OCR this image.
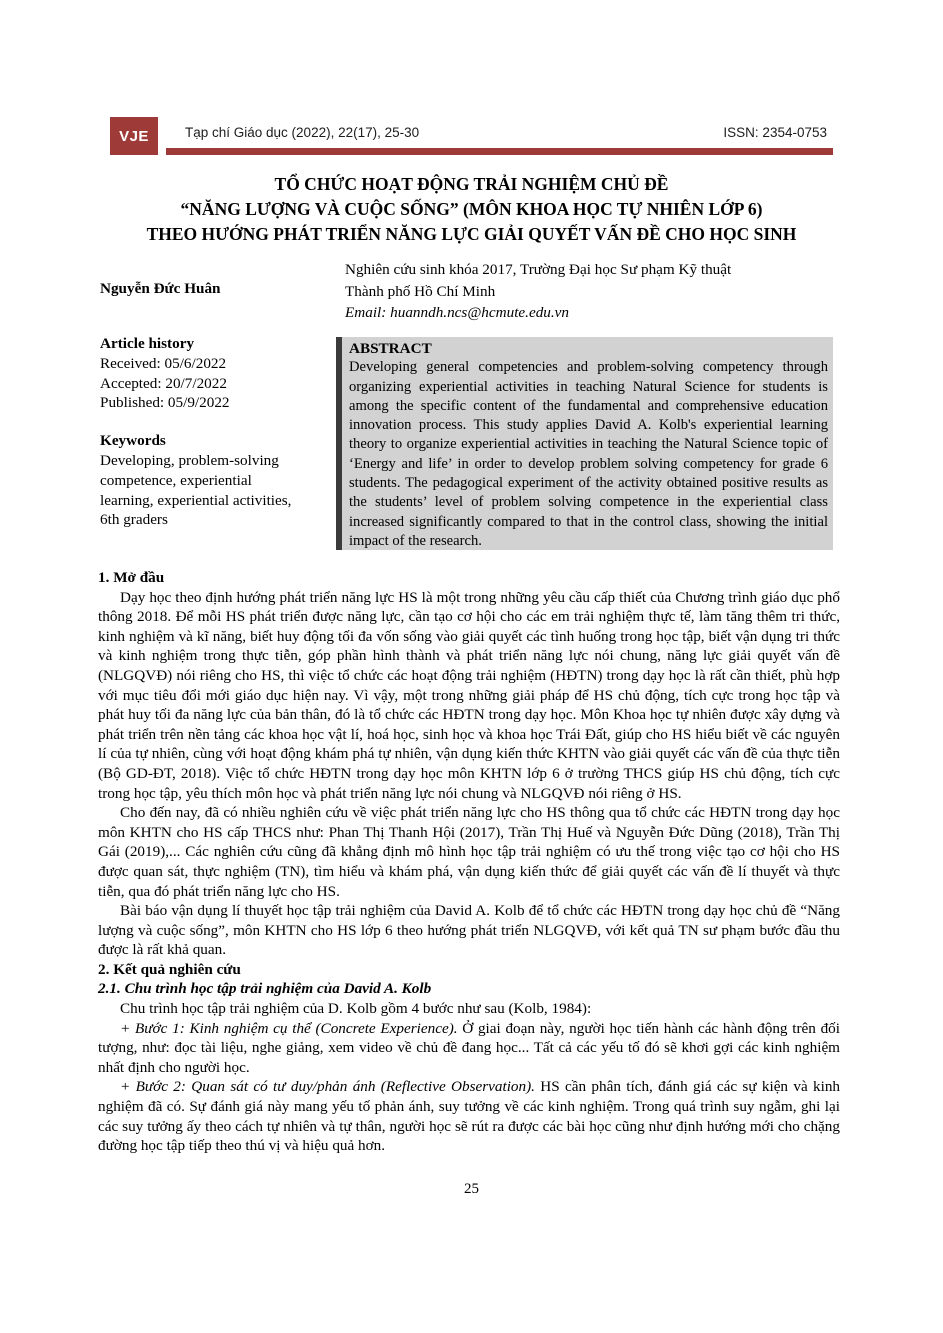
VJE	Tạp chí Giáo dục (2022), 22(17), 25-30	ISSN: 2354-0753
TỔ CHỨC HOẠT ĐỘNG TRẢI NGHIỆM CHỦ ĐỀ
“NĂNG LƯỢNG VÀ CUỘC SỐNG” (MÔN KHOA HỌC TỰ NHIÊN LỚP 6)
THEO HƯỚNG PHÁT TRIỂN NĂNG LỰC GIẢI QUYẾT VẤN ĐỀ CHO HỌC SINH
Nguyễn Đức Huân
Nghiên cứu sinh khóa 2017, Trường Đại học Sư phạm Kỹ thuật Thành phố Hồ Chí Minh
Email: huanndh.ncs@hcmute.edu.vn
Article history
Received: 05/6/2022
Accepted: 20/7/2022
Published: 05/9/2022
Keywords
Developing, problem-solving competence, experiential learning, experiential activities, 6th graders
ABSTRACT
Developing general competencies and problem-solving competency through organizing experiential activities in teaching Natural Science for students is among the specific content of the fundamental and comprehensive education innovation process. This study applies David A. Kolb's experiential learning theory to organize experiential activities in teaching the Natural Science topic of ‘Energy and life’ in order to develop problem solving competency for grade 6 students. The pedagogical experiment of the activity obtained positive results as the students’ level of problem solving competence in the experiential class increased significantly compared to that in the control class, showing the initial impact of the research.
1. Mở đầu

Dạy học theo định hướng phát triển năng lực HS là một trong những yêu cầu cấp thiết của Chương trình giáo dục phổ thông 2018. Để mỗi HS phát triển được năng lực, cần tạo cơ hội cho các em trải nghiệm thực tế, làm tăng thêm tri thức, kinh nghiệm và kĩ năng, biết huy động tối đa vốn sống vào giải quyết các tình huống trong học tập, biết vận dụng tri thức và kinh nghiệm trong thực tiễn, góp phần hình thành và phát triển năng lực nói chung, năng lực giải quyết vấn đề (NLGQVĐ) nói riêng cho HS, thì việc tổ chức các hoạt động trải nghiệm (HĐTN) trong dạy học là rất cần thiết, phù hợp với mục tiêu đổi mới giáo dục hiện nay. Vì vậy, một trong những giải pháp để HS chủ động, tích cực trong học tập và phát huy tối đa năng lực của bản thân, đó là tổ chức các HĐTN trong dạy học. Môn Khoa học tự nhiên được xây dựng và phát triển trên nền tảng các khoa học vật lí, hoá học, sinh học và khoa học Trái Đất, giúp cho HS hiểu biết về các nguyên lí của tự nhiên, cùng với hoạt động khám phá tự nhiên, vận dụng kiến thức KHTN vào giải quyết các vấn đề của thực tiễn (Bộ GD-ĐT, 2018). Việc tổ chức HĐTN trong dạy học môn KHTN lớp 6 ở trường THCS giúp HS chủ động, tích cực trong học tập, yêu thích môn học và phát triển năng lực nói chung và NLGQVĐ nói riêng ở HS.

Cho đến nay, đã có nhiều nghiên cứu về việc phát triển năng lực cho HS thông qua tổ chức các HĐTN trong dạy học môn KHTN cho HS cấp THCS như: Phan Thị Thanh Hội (2017), Trần Thị Huế và Nguyễn Đức Dũng (2018), Trần Thị Gái (2019),... Các nghiên cứu cũng đã khẳng định mô hình học tập trải nghiệm có ưu thế trong việc tạo cơ hội cho HS được quan sát, thực nghiệm (TN), tìm hiểu và khám phá, vận dụng kiến thức để giải quyết các vấn đề lí thuyết và thực tiễn, qua đó phát triển năng lực cho HS.

Bài báo vận dụng lí thuyết học tập trải nghiệm của David A. Kolb để tổ chức các HĐTN trong dạy học chủ đề “Năng lượng và cuộc sống”, môn KHTN cho HS lớp 6 theo hướng phát triển NLGQVĐ, với kết quả TN sư phạm bước đầu thu được là rất khả quan.

2. Kết quả nghiên cứu
2.1. Chu trình học tập trải nghiệm của David A. Kolb

Chu trình học tập trải nghiệm của D. Kolb gồm 4 bước như sau (Kolb, 1984):

+ Bước 1: Kinh nghiệm cụ thể (Concrete Experience). Ở giai đoạn này, người học tiến hành các hành động trên đối tượng, như: đọc tài liệu, nghe giảng, xem video về chủ đề đang học... Tất cả các yếu tố đó sẽ khơi gợi các kinh nghiệm nhất định cho người học.

+ Bước 2: Quan sát có tư duy/phản ánh (Reflective Observation). HS cần phân tích, đánh giá các sự kiện và kinh nghiệm đã có. Sự đánh giá này mang yếu tố phản ánh, suy tưởng về các kinh nghiệm. Trong quá trình suy ngẫm, ghi lại các suy tưởng ấy theo cách tự nhiên và tự thân, người học sẽ rút ra được các bài học cũng như định hướng mới cho chặng đường học tập tiếp theo thú vị và hiệu quả hơn.

25
